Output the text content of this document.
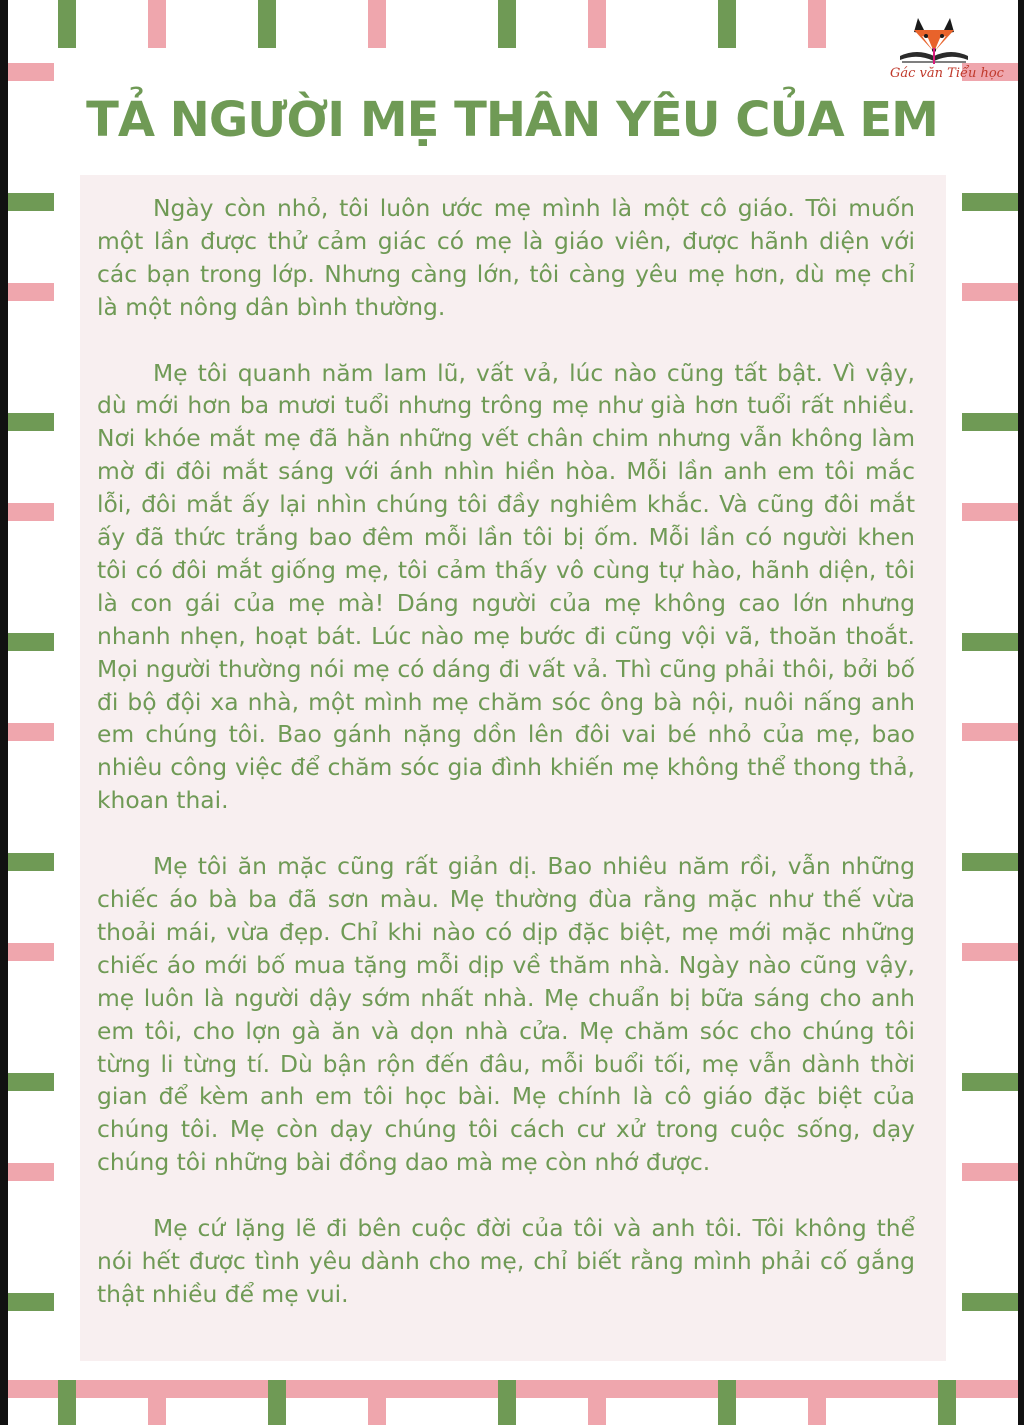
Gác văn Tiểu học
TẢ NGƯỜI MẸ THÂN YÊU CỦA EM

Ngày còn nhỏ, tôi luôn ước mẹ mình là một cô giáo. Tôi muốn một lần được thử cảm giác có mẹ là giáo viên, được hãnh diện với các bạn trong lớp. Nhưng càng lớn, tôi càng yêu mẹ hơn, dù mẹ chỉ là một nông dân bình thường.

Mẹ tôi quanh năm lam lũ, vất vả, lúc nào cũng tất bật. Vì vậy, dù mới hơn ba mươi tuổi nhưng trông mẹ như già hơn tuổi rất nhiều. Nơi khóe mắt mẹ đã hằn những vết chân chim nhưng vẫn không làm mờ đi đôi mắt sáng với ánh nhìn hiền hòa. Mỗi lần anh em tôi mắc lỗi, đôi mắt ấy lại nhìn chúng tôi đầy nghiêm khắc. Và cũng đôi mắt ấy đã thức trắng bao đêm mỗi lần tôi bị ốm. Mỗi lần có người khen tôi có đôi mắt giống mẹ, tôi cảm thấy vô cùng tự hào, hãnh diện, tôi là con gái của mẹ mà! Dáng người của mẹ không cao lớn nhưng nhanh nhẹn, hoạt bát. Lúc nào mẹ bước đi cũng vội vã, thoăn thoắt. Mọi người thường nói mẹ có dáng đi vất vả. Thì cũng phải thôi, bởi bố đi bộ đội xa nhà, một mình mẹ chăm sóc ông bà nội, nuôi nấng anh em chúng tôi. Bao gánh nặng dồn lên đôi vai bé nhỏ của mẹ, bao nhiêu công việc để chăm sóc gia đình khiến mẹ không thể thong thả, khoan thai.

Mẹ tôi ăn mặc cũng rất giản dị. Bao nhiêu năm rồi, vẫn những chiếc áo bà ba đã sơn màu. Mẹ thường đùa rằng mặc như thế vừa thoải mái, vừa đẹp. Chỉ khi nào có dịp đặc biệt, mẹ mới mặc những chiếc áo mới bố mua tặng mỗi dịp về thăm nhà. Ngày nào cũng vậy, mẹ luôn là người dậy sớm nhất nhà. Mẹ chuẩn bị bữa sáng cho anh em tôi, cho lợn gà ăn và dọn nhà cửa. Mẹ chăm sóc cho chúng tôi từng li từng tí. Dù bận rộn đến đâu, mỗi buổi tối, mẹ vẫn dành thời gian để kèm anh em tôi học bài. Mẹ chính là cô giáo đặc biệt của chúng tôi. Mẹ còn dạy chúng tôi cách cư xử trong cuộc sống, dạy chúng tôi những bài đồng dao mà mẹ còn nhớ được.

Mẹ cứ lặng lẽ đi bên cuộc đời của tôi và anh tôi. Tôi không thể nói hết được tình yêu dành cho mẹ, chỉ biết rằng mình phải cố gắng thật nhiều để mẹ vui.
